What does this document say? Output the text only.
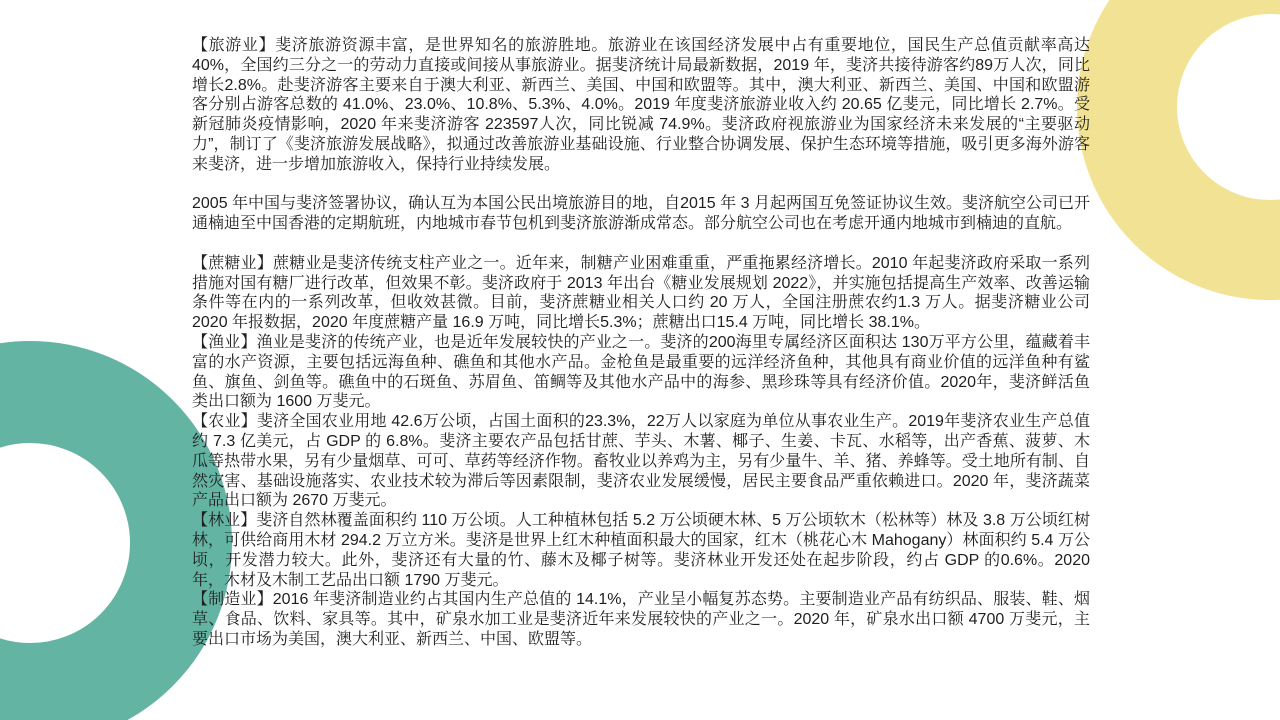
【旅游业】斐济旅游资源丰富，是世界知名的旅游胜地。旅游业在该国经济发展中占有重要地位，国民生产总值贡献率高达 40%，全国约三分之一的劳动力直接或间接从事旅游业。据斐济统计局最新数据，2019 年，斐济共接待游客约89万人次，同比增长2.8%。赴斐济游客主要来自于澳大利亚、新西兰、美国、中国和欧盟等。其中，澳大利亚、新西兰、美国、中国和欧盟游客分别占游客总数的 41.0%、23.0%、10.8%、5.3%、4.0%。2019 年度斐济旅游业收入约 20.65 亿斐元，同比增长 2.7%。受新冠肺炎疫情影响，2020 年来斐济游客 223597人次，同比锐减 74.9%。斐济政府视旅游业为国家经济未来发展的“主要驱动力”，制订了《斐济旅游发展战略》，拟通过改善旅游业基础设施、行业整合协调发展、保护生态环境等措施，吸引更多海外游客来斐济，进一步增加旅游收入，保持行业持续发展。

2005 年中国与斐济签署协议，确认互为本国公民出境旅游目的地，自2015 年 3 月起两国互免签证协议生效。斐济航空公司已开通楠迪至中国香港的定期航班，内地城市春节包机到斐济旅游渐成常态。部分航空公司也在考虑开通内地城市到楠迪的直航。

【蔗糖业】蔗糖业是斐济传统支柱产业之一。近年来，制糖产业困难重重，严重拖累经济增长。2010 年起斐济政府采取一系列措施对国有糖厂进行改革，但效果不彰。斐济政府于 2013 年出台《糖业发展规划 2022》，并实施包括提高生产效率、改善运输条件等在内的一系列改革，但收效甚微。目前，斐济蔗糖业相关人口约 20 万人，全国注册蔗农约1.3 万人。据斐济糖业公司2020 年报数据，2020 年度蔗糖产量 16.9 万吨，同比增长5.3%；蔗糖出口15.4 万吨，同比增长 38.1%。

【渔业】渔业是斐济的传统产业，也是近年发展较快的产业之一。斐济的200海里专属经济区面积达 130万平方公里，蕴藏着丰富的水产资源，主要包括远海鱼种、礁鱼和其他水产品。金枪鱼是最重要的远洋经济鱼种，其他具有商业价值的远洋鱼种有鲨鱼、旗鱼、剑鱼等。礁鱼中的石斑鱼、苏眉鱼、笛鲷等及其他水产品中的海参、黑珍珠等具有经济价值。2020年，斐济鲜活鱼类出口额为 1600 万斐元。

【农业】斐济全国农业用地 42.6万公顷，占国土面积的23.3%，22万人以家庭为单位从事农业生产。2019年斐济农业生产总值约 7.3 亿美元，占 GDP 的 6.8%。斐济主要农产品包括甘蔗、芋头、木薯、椰子、生姜、卡瓦、水稻等，出产香蕉、菠萝、木瓜等热带水果，另有少量烟草、可可、草药等经济作物。畜牧业以养鸡为主，另有少量牛、羊、猪、养蜂等。受土地所有制、自然灾害、基础设施落实、农业技术较为滞后等因素限制，斐济农业发展缓慢，居民主要食品严重依赖进口。2020 年，斐济蔬菜产品出口额为 2670 万斐元。

【林业】斐济自然林覆盖面积约 110 万公顷。人工种植林包括 5.2 万公顷硬木林、5 万公顷软木（松林等）林及 3.8 万公顷红树林，可供给商用木材 294.2 万立方米。斐济是世界上红木种植面积最大的国家，红木（桃花心木 Mahogany）林面积约 5.4 万公顷，开发潜力较大。此外，斐济还有大量的竹、藤木及椰子树等。斐济林业开发还处在起步阶段，约占 GDP 的0.6%。2020 年，木材及木制工艺品出口额 1790 万斐元。

【制造业】2016 年斐济制造业约占其国内生产总值的 14.1%，产业呈小幅复苏态势。主要制造业产品有纺织品、服装、鞋、烟草、食品、饮料、家具等。其中，矿泉水加工业是斐济近年来发展较快的产业之一。2020 年，矿泉水出口额 4700 万斐元，主要出口市场为美国，澳大利亚、新西兰、中国、欧盟等。
